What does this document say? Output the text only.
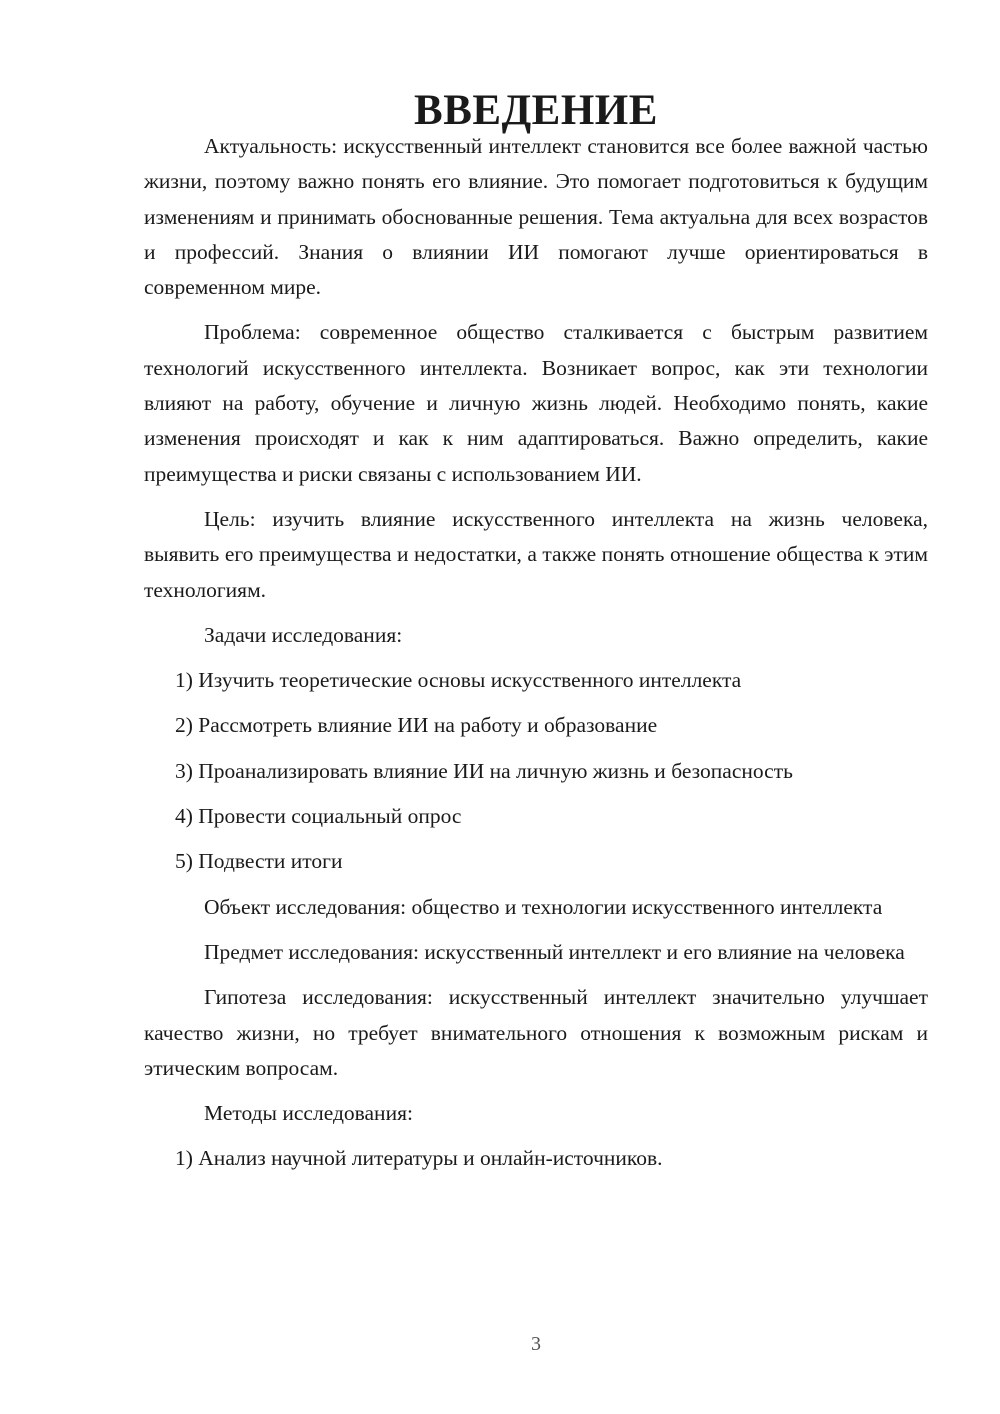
ВВЕДЕНИЕ

Актуальность: искусственный интеллект становится все более важной частью жизни, поэтому важно понять его влияние. Это помогает подготовиться к будущим изменениям и принимать обоснованные решения. Тема актуальна для всех возрастов и профессий. Знания о влиянии ИИ помогают лучше ориентироваться в современном мире.

Проблема: современное общество сталкивается с быстрым развитием технологий искусственного интеллекта. Возникает вопрос, как эти технологии влияют на работу, обучение и личную жизнь людей. Необходимо понять, какие изменения происходят и как к ним адаптироваться. Важно определить, какие преимущества и риски связаны с использованием ИИ.

Цель: изучить влияние искусственного интеллекта на жизнь человека, выявить его преимущества и недостатки, а также понять отношение общества к этим технологиям.

Задачи исследования:

1) Изучить теоретические основы искусственного интеллекта

2) Рассмотреть влияние ИИ на работу и образование

3) Проанализировать влияние ИИ на личную жизнь и безопасность

4) Провести социальный опрос

5) Подвести итоги

Объект исследования: общество и технологии искусственного интеллекта

Предмет исследования: искусственный интеллект и его влияние на человека

Гипотеза исследования: искусственный интеллект значительно улучшает качество жизни, но требует внимательного отношения к возможным рискам и этическим вопросам.

Методы исследования:

1) Анализ научной литературы и онлайн-источников.

3
